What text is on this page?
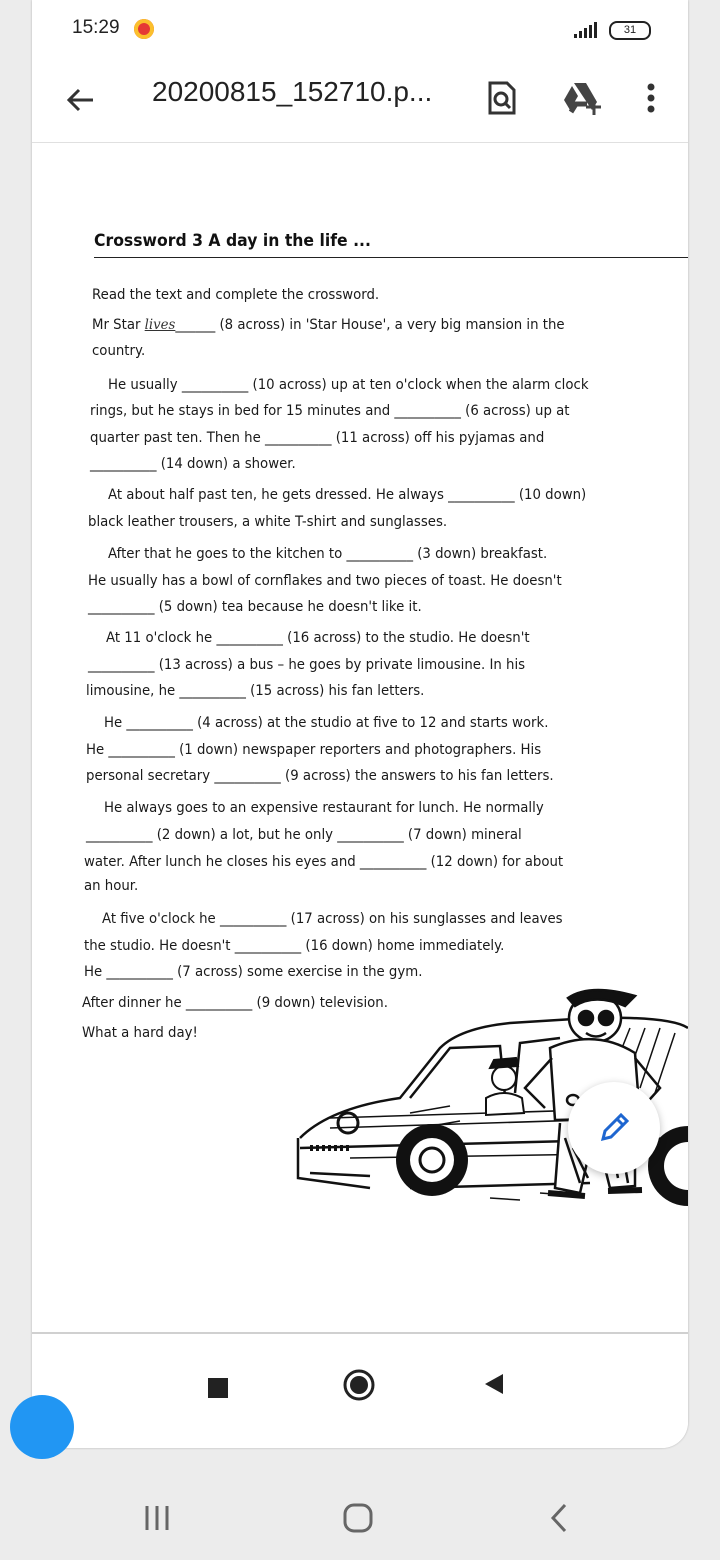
15:29	31
20200815_152710.p...
Crossword 3 A day in the life ...
Read the text and complete the crossword.
Mr Star lives______ (8 across) in 'Star House', a very big mansion in the
country.
He usually __________ (10 across) up at ten o'clock when the alarm clock
rings, but he stays in bed for 15 minutes and __________ (6 across) up at
quarter past ten. Then he __________ (11 across) off his pyjamas and
__________ (14 down) a shower.
At about half past ten, he gets dressed. He always __________ (10 down)
black leather trousers, a white T-shirt and sunglasses.
After that he goes to the kitchen to __________ (3 down) breakfast.
He usually has a bowl of cornflakes and two pieces of toast. He doesn't
__________ (5 down) tea because he doesn't like it.
At 11 o'clock he __________ (16 across) to the studio. He doesn't
__________ (13 across) a bus – he goes by private limousine. In his
limousine, he __________ (15 across) his fan letters.
He __________ (4 across) at the studio at five to 12 and starts work.
He __________ (1 down) newspaper reporters and photographers. His
personal secretary __________ (9 across) the answers to his fan letters.
He always goes to an expensive restaurant for lunch. He normally
__________ (2 down) a lot, but he only __________ (7 down) mineral
water. After lunch he closes his eyes and __________ (12 down) for about
an hour.
At five o'clock he __________ (17 across) on his sunglasses and leaves
the studio. He doesn't __________ (16 down) home immediately.
He __________ (7 across) some exercise in the gym.
After dinner he __________ (9 down) television.
What a hard day!
